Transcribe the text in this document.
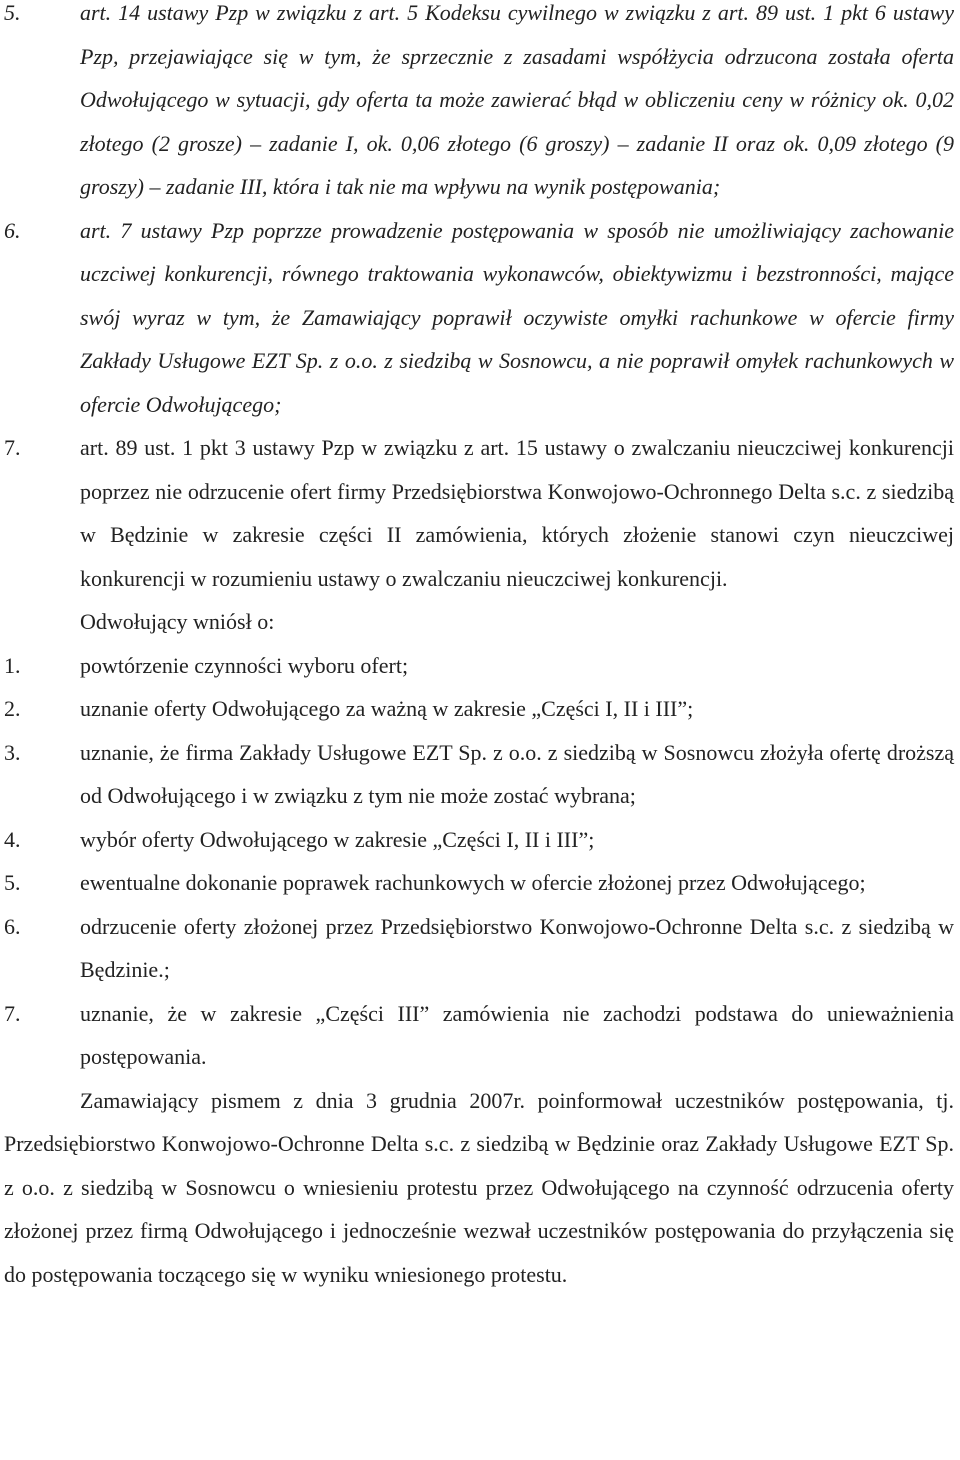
5.	art. 14 ustawy Pzp w związku z art. 5 Kodeksu cywilnego w związku z art. 89 ust. 1 pkt 6 ustawy Pzp, przejawiające się w tym, że sprzecznie z zasadami współżycia odrzucona została oferta Odwołującego w sytuacji, gdy oferta ta może zawierać błąd w obliczeniu ceny w różnicy ok. 0,02 złotego (2 grosze) – zadanie I, ok. 0,06 złotego (6 groszy) – zadanie II oraz ok. 0,09 złotego (9 groszy) – zadanie III, która i tak nie ma wpływu na wynik postępowania;
6.	art. 7 ustawy Pzp poprzze prowadzenie postępowania w sposób nie umożliwiający zachowanie uczciwej konkurencji, równego traktowania wykonawców, obiektywizmu i bezstronności, mające swój wyraz w tym, że Zamawiający poprawił oczywiste omyłki rachunkowe w ofercie firmy Zakłady Usługowe EZT Sp. z o.o. z siedzibą w Sosnowcu, a nie poprawił omyłek rachunkowych w ofercie Odwołującego;
7.	art. 89 ust. 1 pkt 3 ustawy Pzp w związku z art. 15 ustawy o zwalczaniu nieuczciwej konkurencji poprzez nie odrzucenie ofert firmy Przedsiębiorstwa Konwojowo-Ochronnego Delta s.c. z siedzibą w Będzinie w zakresie części II zamówienia, których złożenie stanowi czyn nieuczciwej konkurencji w rozumieniu ustawy o zwalczaniu nieuczciwej konkurencji.
Odwołujący wniósł o:
1.	powtórzenie czynności wyboru ofert;
2.	uznanie oferty Odwołującego za ważną w zakresie „Części I, II i III”;
3.	uznanie, że firma Zakłady Usługowe EZT Sp. z o.o. z siedzibą w Sosnowcu złożyła ofertę droższą od Odwołującego i w związku z tym nie może zostać wybrana;
4.	wybór oferty Odwołującego w zakresie „Części I, II i III”;
5.	ewentualne dokonanie poprawek rachunkowych w ofercie złożonej przez Odwołującego;
6.	odrzucenie oferty złożonej przez Przedsiębiorstwo Konwojowo-Ochronne Delta s.c. z siedzibą w Będzinie.;
7.	uznanie, że w zakresie „Części III” zamówienia nie zachodzi podstawa do unieważnienia postępowania.
Zamawiający pismem z dnia 3 grudnia 2007r. poinformował uczestników postępowania, tj. Przedsiębiorstwo Konwojowo-Ochronne Delta s.c. z siedzibą w Będzinie oraz Zakłady Usługowe EZT Sp. z o.o. z siedzibą w Sosnowcu o wniesieniu protestu przez Odwołującego na czynność odrzucenia oferty złożonej przez firmą Odwołującego i jednocześnie wezwał uczestników postępowania do przyłączenia się do postępowania toczącego się w wyniku wniesionego protestu.
